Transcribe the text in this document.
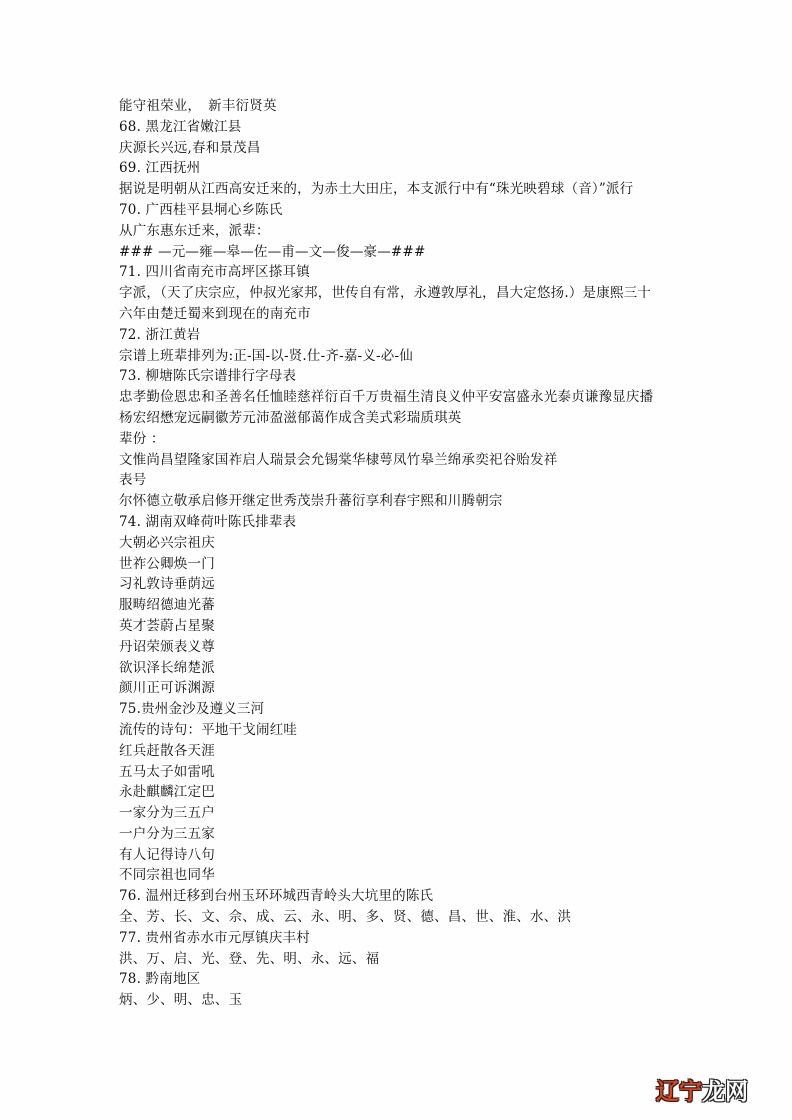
能守祖荣业，　新丰衍贤英
68. 黑龙江省嫩江县
庆源长兴远,春和景茂昌
69. 江西抚州
据说是明朝从江西高安迁来的，为赤土大田庄，本支派行中有“珠光映碧球（音）”派行
70. 广西桂平县垌心乡陈氏
从广东惠东迁来，派辈：
### —元—雍—皋—佐—甫—文—俊—豪—###
71. 四川省南充市高坪区搽耳镇
字派，（天了庆宗应，仲叔光家邦，世传自有常，永遵敦厚礼，昌大定悠扬.）是康熙三十
六年由楚迁蜀来到现在的南充市
72. 浙江黄岩
宗谱上班辈排列为:正-国-以-贤.仕-齐-嘉-义-必-仙
73. 柳塘陈氏宗谱排行字母表
忠孝勤俭恩忠和圣善名任恤睦慈祥衍百千万贵福生清良义仲平安富盛永光泰贞谦豫显庆播
杨宏绍懋宠远嗣徽芳元沛盈滋郁蔼作成含美式彩瑞质琪英
辈份 ：
文惟尚昌望隆家国祚启人瑞景会允锡棠华棣萼凤竹皋兰绵承奕祀谷贻发祥
表号
尔怀德立敬承启修开继定世秀茂崇升蕃衍享利春宇熙和川腾朝宗
74. 湖南双峰荷叶陈氏排辈表
大朝必兴宗祖庆
世祚公卿焕一门
习礼敦诗垂荫远
服畴绍德迪光蕃
英才荟蔚占星聚
丹诏荣颁表义尊
欲识泽长绵楚派
颜川正可诉渊源
75.贵州金沙及遵义三河
流传的诗句：平地干戈闹红哇
红兵赶散各天涯
五马太子如雷吼
永赴麒麟江定巴
一家分为三五户
一户分为三五家
有人记得诗八句
不同宗祖也同华
76. 温州迁移到台州玉环环城西青岭头大坑里的陈氏
全、芳、长、文、佘、成、云、永、明、多、贤、德、昌、世、淮、水、洪
77. 贵州省赤水市元厚镇庆丰村
洪、万、启、光、登、先、明、永、远、福
78. 黔南地区
炳、少、明、忠、玉
辽宁 龙网
